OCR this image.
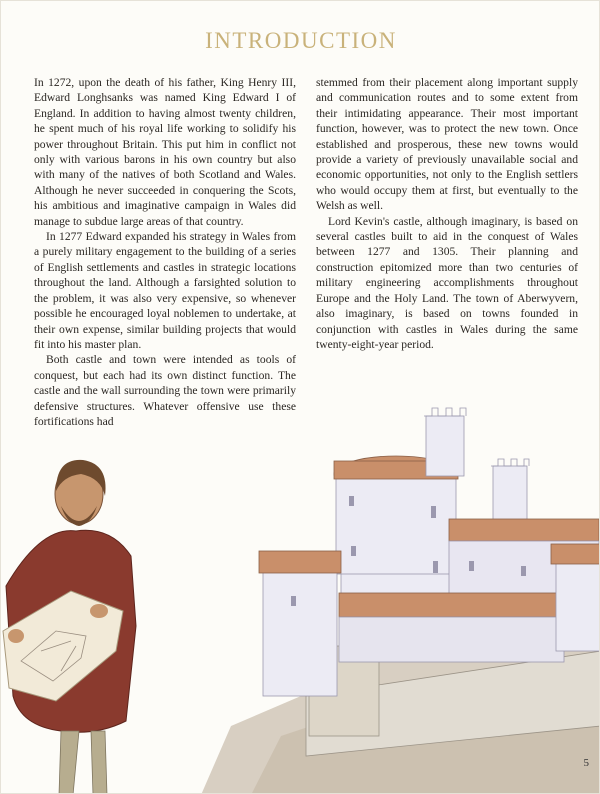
INTRODUCTION

In 1272, upon the death of his father, King Henry III, Edward Longhsanks was named King Edward I of England. In addition to having almost twenty children, he spent much of his royal life working to solidify his power throughout Britain. This put him in conflict not only with various barons in his own country but also with many of the natives of both Scotland and Wales. Although he never succeeded in conquering the Scots, his ambitious and imaginative campaign in Wales did manage to subdue large areas of that country.

In 1277 Edward expanded his strategy in Wales from a purely military engagement to the building of a series of English settlements and castles in strategic locations throughout the land. Although a farsighted solution to the problem, it was also very expensive, so whenever possible he encouraged loyal noblemen to undertake, at their own expense, similar building projects that would fit into his master plan.

Both castle and town were intended as tools of conquest, but each had its own distinct function. The castle and the wall surrounding the town were primarily defensive structures. Whatever offensive use these fortifications had

stemmed from their placement along important supply and communication routes and to some extent from their intimidating appearance. Their most important function, however, was to protect the new town. Once established and prosperous, these new towns would provide a variety of previously unavailable social and economic opportunities, not only to the English settlers who would occupy them at first, but eventually to the Welsh as well.

Lord Kevin's castle, although imaginary, is based on several castles built to aid in the conquest of Wales between 1277 and 1305. Their planning and construction epitomized more than two centuries of military engineering accomplishments throughout Europe and the Holy Land. The town of Aberwyvern, also imaginary, is based on towns founded in conjunction with castles in Wales during the same twenty-eight-year period.

5
